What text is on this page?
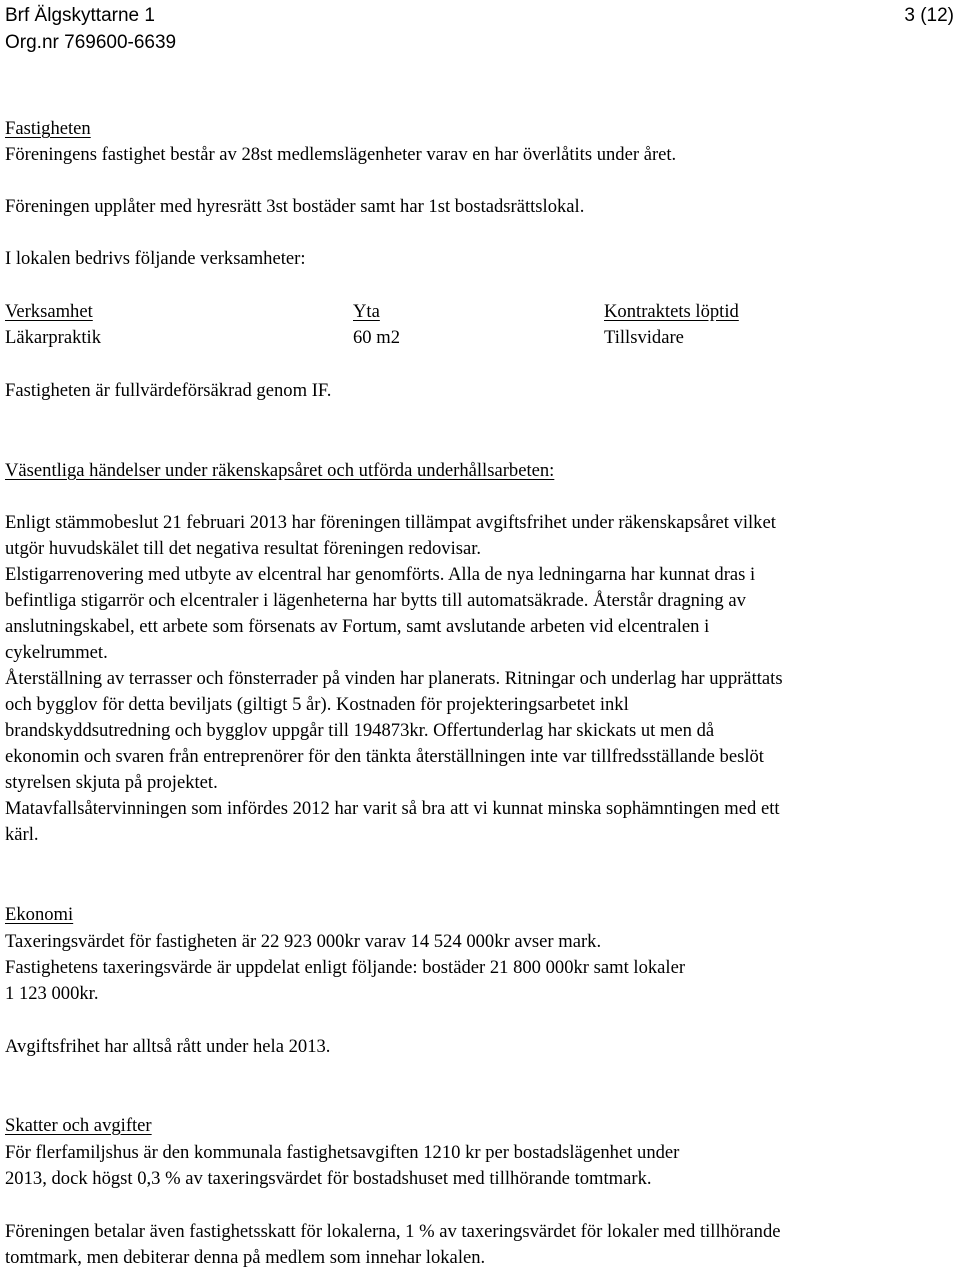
Brf Älgskyttarne 1	3 (12)
Org.nr 769600-6639
Fastigheten
Föreningens fastighet består av 28st medlemslägenheter varav en har överlåtits under året.
Föreningen upplåter med hyresrätt 3st bostäder samt har 1st bostadsrättslokal.
I lokalen bedrivs följande verksamheter:
Verksamhet	Yta	Kontraktets löptid
Läkarpraktik	60 m2	Tillsvidare
Fastigheten är fullvärdeförsäkrad genom IF.
Väsentliga händelser under räkenskapsåret och utförda underhållsarbeten:
Enligt stämmobeslut 21 februari 2013 har föreningen tillämpat avgiftsfrihet under räkenskapsåret vilket
utgör huvudskälet till det negativa resultat föreningen redovisar.
Elstigarrenovering med utbyte av elcentral har genomförts. Alla de nya ledningarna har kunnat dras i
befintliga stigarrör och elcentraler i lägenheterna har bytts till automatsäkrade. Återstår dragning av
anslutningskabel, ett arbete som försenats av Fortum, samt avslutande arbeten vid elcentralen i
cykelrummet.
Återställning av terrasser och fönsterrader på vinden har planerats. Ritningar och underlag har upprättats
och bygglov för detta beviljats (giltigt 5 år). Kostnaden för projekteringsarbetet inkl
brandskyddsutredning och bygglov uppgår till 194873kr. Offertunderlag har skickats ut men då
ekonomin och svaren från entreprenörer för den tänkta återställningen inte var tillfredsställande beslöt
styrelsen skjuta på projektet.
Matavfallsåtervinningen som infördes 2012 har varit så bra att vi kunnat minska sophämntingen med ett
kärl.
Ekonomi
Taxeringsvärdet för fastigheten är 22 923 000kr varav 14 524 000kr avser mark.
Fastighetens taxeringsvärde är uppdelat enligt följande: bostäder 21 800 000kr samt lokaler
1 123 000kr.
Avgiftsfrihet har alltså rått under hela 2013.
Skatter och avgifter
För flerfamiljshus är den kommunala fastighetsavgiften 1210 kr per bostadslägenhet under
2013, dock högst 0,3 % av taxeringsvärdet för bostadshuset med tillhörande tomtmark.
Föreningen betalar även fastighetsskatt för lokalerna, 1 % av taxeringsvärdet för lokaler med tillhörande
tomtmark, men debiterar denna på medlem som innehar lokalen.
